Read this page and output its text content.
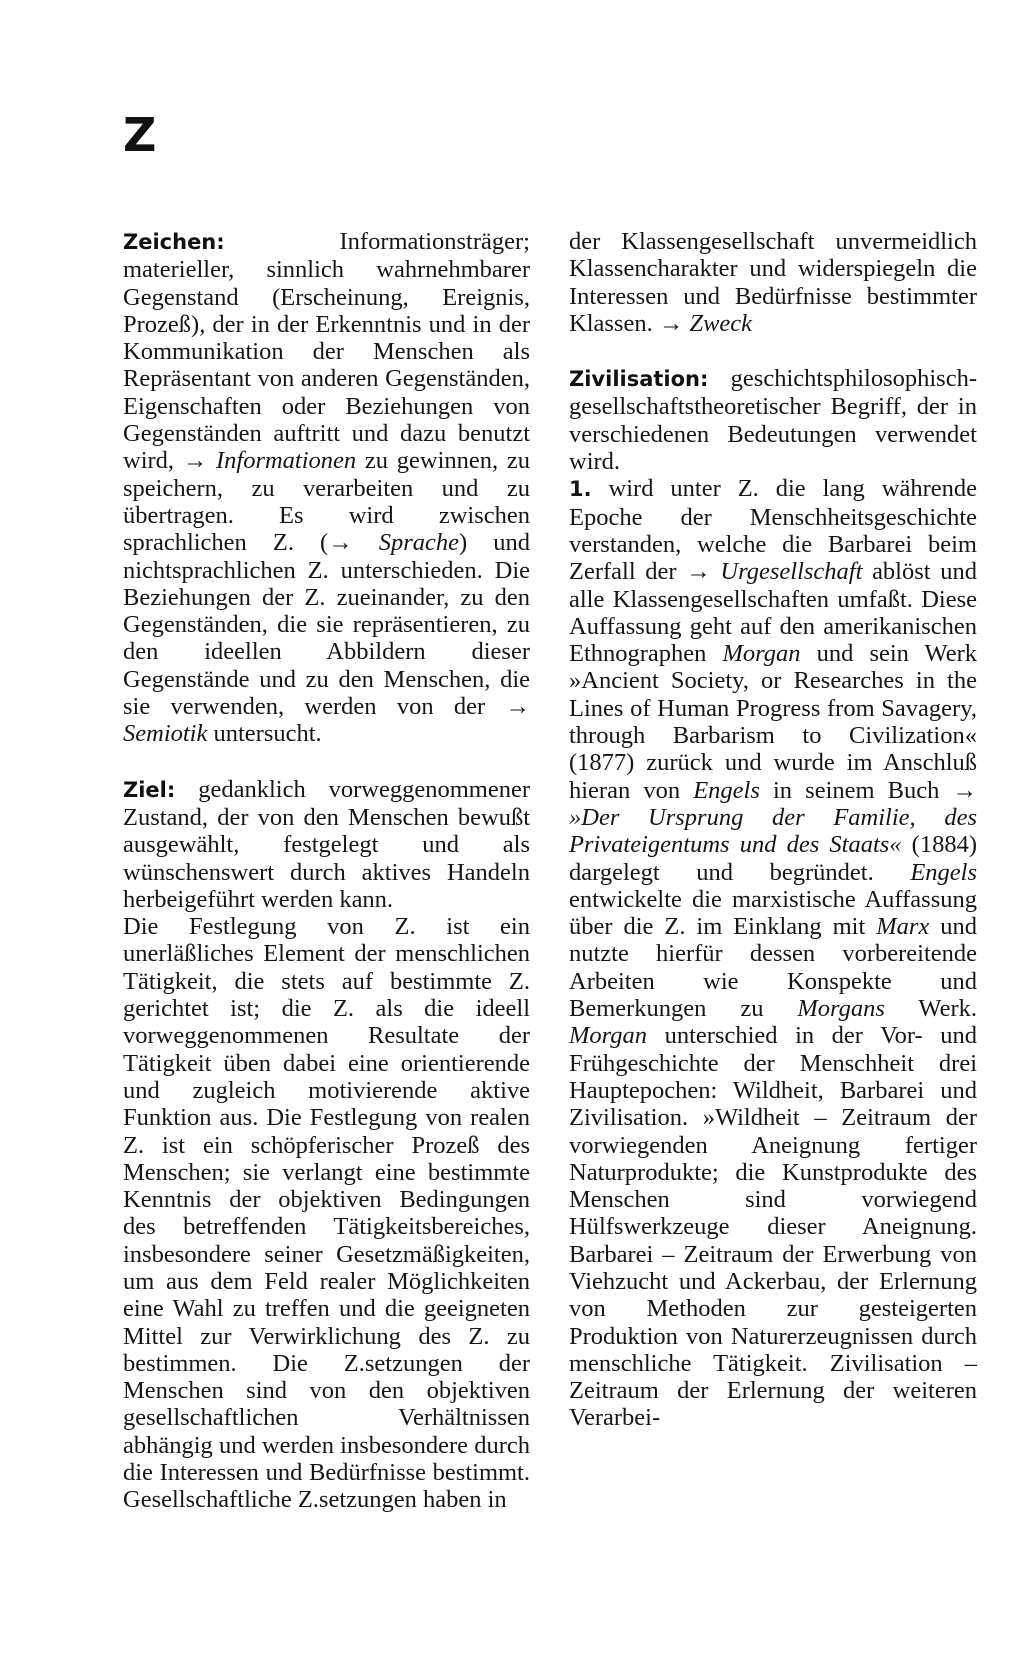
Z

Zeichen: Informationsträger; materieller, sinnlich wahrnehmbarer Gegenstand (Erscheinung, Ereignis, Prozeß), der in der Erkenntnis und in der Kommunikation der Menschen als Repräsentant von anderen Gegenständen, Eigenschaften oder Beziehungen von Gegenständen auftritt und dazu benutzt wird, → Informationen zu gewinnen, zu speichern, zu verarbeiten und zu übertragen. Es wird zwischen sprachlichen Z. (→ Sprache) und nichtsprachlichen Z. unterschieden. Die Beziehungen der Z. zueinander, zu den Gegenständen, die sie repräsentieren, zu den ideellen Abbildern dieser Gegenstände und zu den Menschen, die sie verwenden, werden von der → Semiotik untersucht.

Ziel: gedanklich vorweggenommener Zustand, der von den Menschen bewußt ausgewählt, festgelegt und als wünschenswert durch aktives Handeln herbeigeführt werden kann.

Die Festlegung von Z. ist ein unerläßliches Element der menschlichen Tätigkeit, die stets auf bestimmte Z. gerichtet ist; die Z. als die ideell vorweggenommenen Resultate der Tätigkeit üben dabei eine orientierende und zugleich motivierende aktive Funktion aus. Die Festlegung von realen Z. ist ein schöpferischer Prozeß des Menschen; sie verlangt eine bestimmte Kenntnis der objektiven Bedingungen des betreffenden Tätigkeitsbereiches, insbesondere seiner Gesetzmäßigkeiten, um aus dem Feld realer Möglichkeiten eine Wahl zu treffen und die geeigneten Mittel zur Verwirklichung des Z. zu bestimmen. Die Z.setzungen der Menschen sind von den objektiven gesellschaftlichen Verhältnissen abhängig und werden insbesondere durch die Interessen und Bedürfnisse bestimmt. Gesellschaftliche Z.setzungen haben in

der Klassengesellschaft unvermeidlich Klassencharakter und widerspiegeln die Interessen und Bedürfnisse bestimmter Klassen. → Zweck

Zivilisation: geschichtsphilosophisch-gesellschaftstheoretischer Begriff, der in verschiedenen Bedeutungen verwendet wird.

1. wird unter Z. die lang währende Epoche der Menschheitsgeschichte verstanden, welche die Barbarei beim Zerfall der → Urgesellschaft ablöst und alle Klassengesellschaften umfaßt. Diese Auffassung geht auf den amerikanischen Ethnographen Morgan und sein Werk »Ancient Society, or Researches in the Lines of Human Progress from Savagery, through Barbarism to Civilization« (1877) zurück und wurde im Anschluß hieran von Engels in seinem Buch → »Der Ursprung der Familie, des Privateigentums und des Staats« (1884) dargelegt und begründet. Engels entwickelte die marxistische Auffassung über die Z. im Einklang mit Marx und nutzte hierfür dessen vorbereitende Arbeiten wie Konspekte und Bemerkungen zu Morgans Werk. Morgan unterschied in der Vor- und Frühgeschichte der Menschheit drei Hauptepochen: Wildheit, Barbarei und Zivilisation. »Wildheit – Zeitraum der vorwiegenden Aneignung fertiger Naturprodukte; die Kunstprodukte des Menschen sind vorwiegend Hülfswerkzeuge dieser Aneignung. Barbarei – Zeitraum der Erwerbung von Viehzucht und Ackerbau, der Erlernung von Methoden zur gesteigerten Produktion von Naturerzeugnissen durch menschliche Tätigkeit. Zivilisation – Zeitraum der Erlernung der weiteren Verarbei-
